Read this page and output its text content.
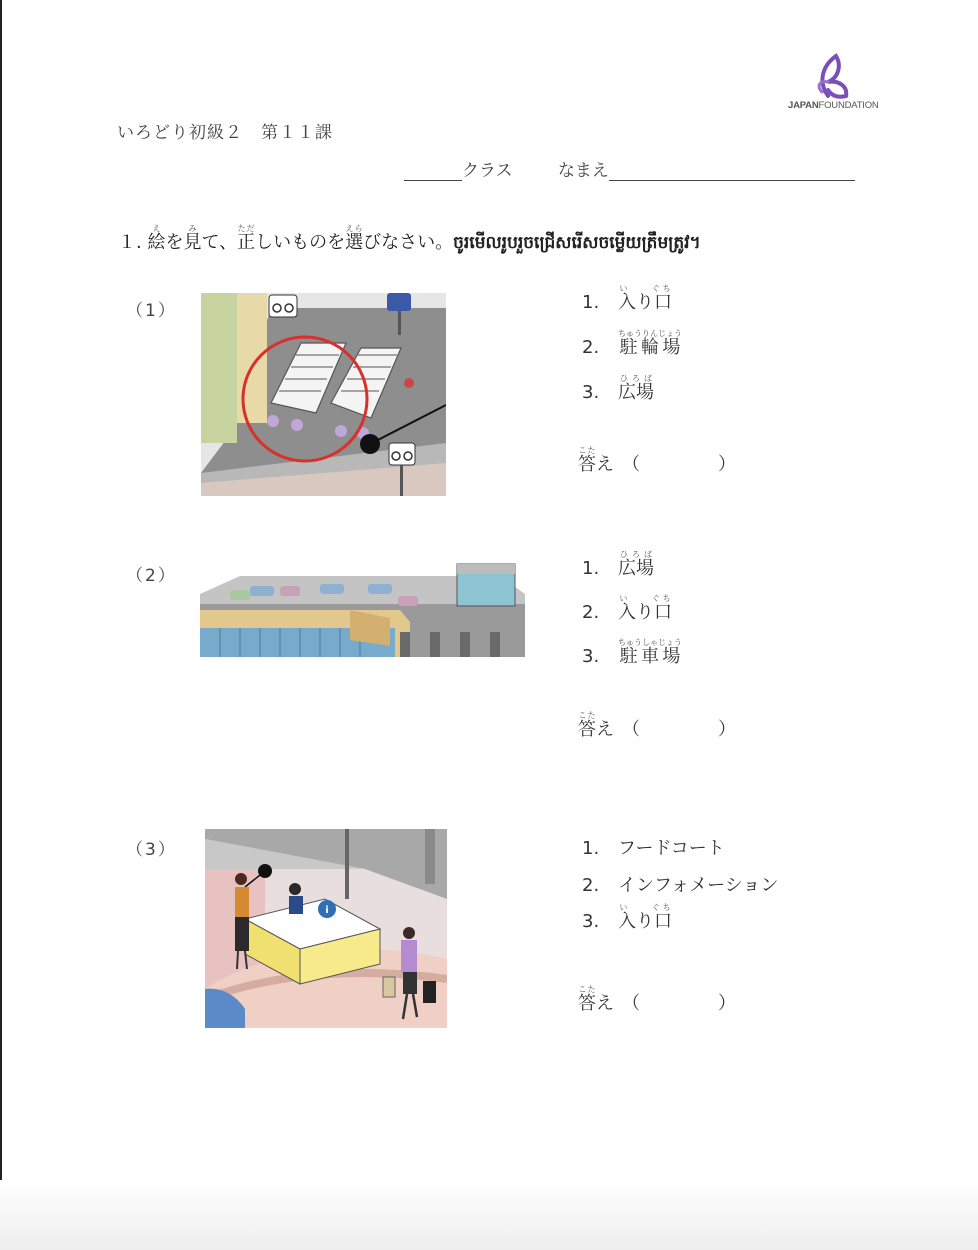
JAPANFOUNDATION
いろどり初級２　第１１課
クラス	なまえ
１. 絵えを見みて、正ただしいものを選えらびなさい。ចូរមើលរូបរួចជ្រើសរើសចម្លើយត្រឹមត្រូវ។
（1）	1. 入り口い　　ぐち
2. 駐輪場ちゅうりんじょう
3. 広場ひろば
答こたえ （　）
（2）	1. 広場ひろば
2. 入り口い　　ぐち
3. 駐車場ちゅうしゃじょう
答こたえ （　）
（3）
i
1. フードコート
2. インフォメーション
3. 入り口い　　ぐち
答こたえ （　）
